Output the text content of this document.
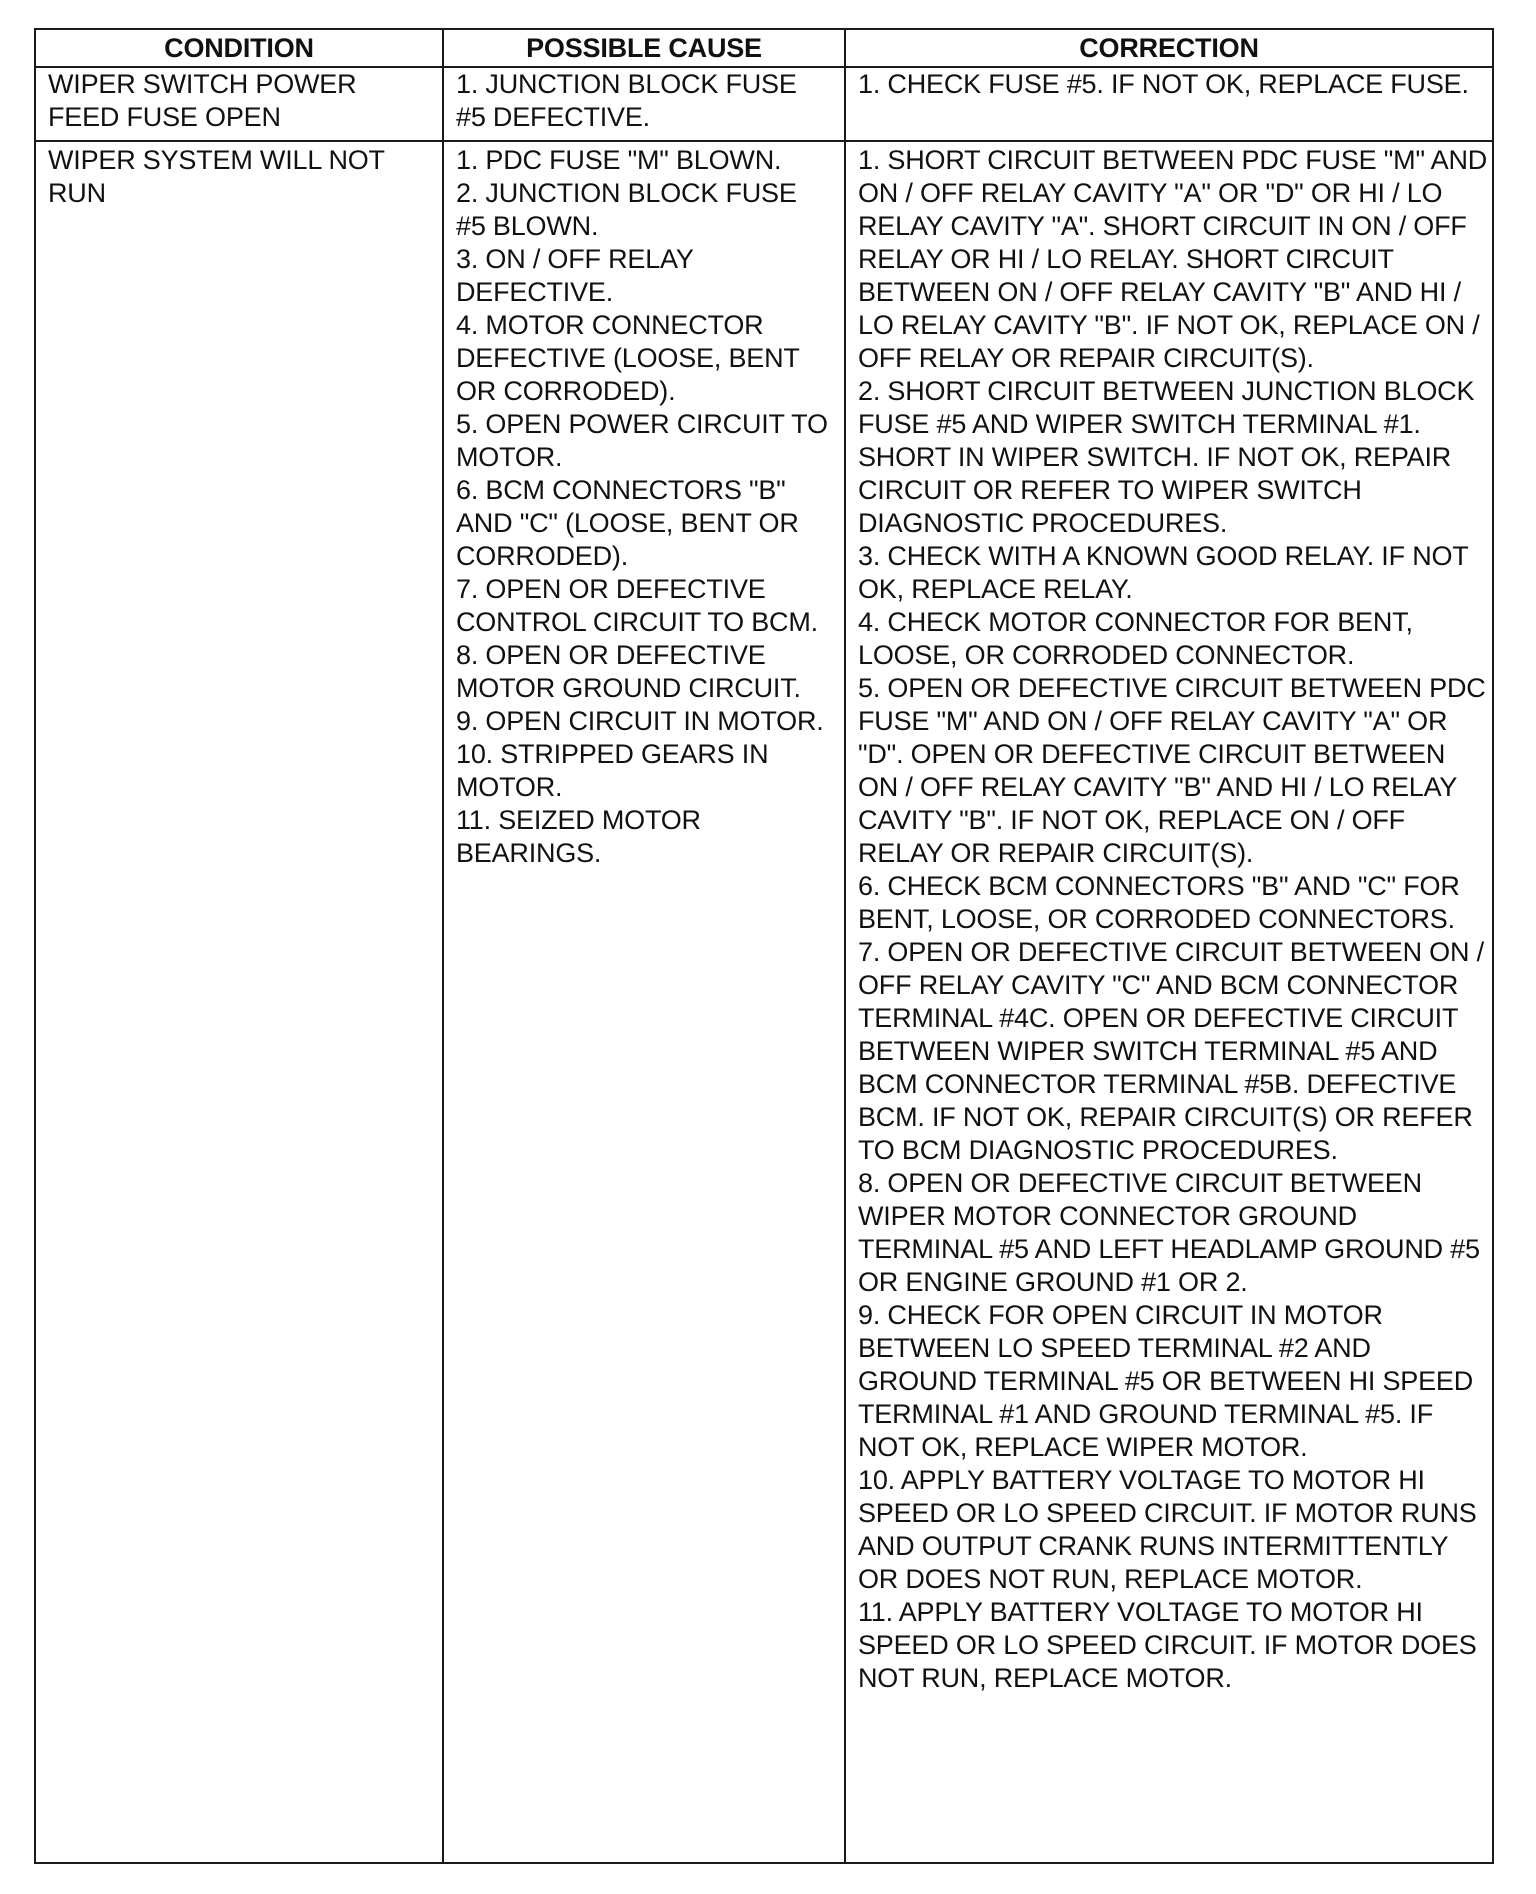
CONDITION	POSSIBLE CAUSE	CORRECTION
WIPER SWITCH POWER FEED FUSE OPEN
1. JUNCTION BLOCK FUSE #5 DEFECTIVE.
1. CHECK FUSE #5. IF NOT OK, REPLACE FUSE.
WIPER SYSTEM WILL NOT RUN
1. PDC FUSE "M" BLOWN.
2. JUNCTION BLOCK FUSE #5 BLOWN.
3. ON / OFF RELAY DEFECTIVE.
4. MOTOR CONNECTOR DEFECTIVE (LOOSE, BENT OR CORRODED).
5. OPEN POWER CIRCUIT TO MOTOR.
6. BCM CONNECTORS "B" AND "C" (LOOSE, BENT OR CORRODED).
7. OPEN OR DEFECTIVE CONTROL CIRCUIT TO BCM.
8. OPEN OR DEFECTIVE MOTOR GROUND CIRCUIT.
9. OPEN CIRCUIT IN MOTOR.
10. STRIPPED GEARS IN MOTOR.
11. SEIZED MOTOR BEARINGS.
1. SHORT CIRCUIT BETWEEN PDC FUSE "M" AND ON / OFF RELAY CAVITY "A" OR "D" OR HI / LO RELAY CAVITY "A". SHORT CIRCUIT IN ON / OFF RELAY OR HI / LO RELAY. SHORT CIRCUIT BETWEEN ON / OFF RELAY CAVITY "B" AND HI / LO RELAY CAVITY "B". IF NOT OK, REPLACE ON / OFF RELAY OR REPAIR CIRCUIT(S).
2. SHORT CIRCUIT BETWEEN JUNCTION BLOCK FUSE #5 AND WIPER SWITCH TERMINAL #1. SHORT IN WIPER SWITCH. IF NOT OK, REPAIR CIRCUIT OR REFER TO WIPER SWITCH DIAGNOSTIC PROCEDURES.
3. CHECK WITH A KNOWN GOOD RELAY. IF NOT OK, REPLACE RELAY.
4. CHECK MOTOR CONNECTOR FOR BENT, LOOSE, OR CORRODED CONNECTOR.
5. OPEN OR DEFECTIVE CIRCUIT BETWEEN PDC FUSE "M" AND ON / OFF RELAY CAVITY "A" OR "D". OPEN OR DEFECTIVE CIRCUIT BETWEEN ON / OFF RELAY CAVITY "B" AND HI / LO RELAY CAVITY "B". IF NOT OK, REPLACE ON / OFF RELAY OR REPAIR CIRCUIT(S).
6. CHECK BCM CONNECTORS "B" AND "C" FOR BENT, LOOSE, OR CORRODED CONNECTORS.
7. OPEN OR DEFECTIVE CIRCUIT BETWEEN ON / OFF RELAY CAVITY "C" AND BCM CONNECTOR TERMINAL #4C. OPEN OR DEFECTIVE CIRCUIT BETWEEN WIPER SWITCH TERMINAL #5 AND BCM CONNECTOR TERMINAL #5B. DEFECTIVE BCM. IF NOT OK, REPAIR CIRCUIT(S) OR REFER TO BCM DIAGNOSTIC PROCEDURES.
8. OPEN OR DEFECTIVE CIRCUIT BETWEEN WIPER MOTOR CONNECTOR GROUND TERMINAL #5 AND LEFT HEADLAMP GROUND #5 OR ENGINE GROUND #1 OR 2.
9. CHECK FOR OPEN CIRCUIT IN MOTOR BETWEEN LO SPEED TERMINAL #2 AND GROUND TERMINAL #5 OR BETWEEN HI SPEED TERMINAL #1 AND GROUND TERMINAL #5. IF NOT OK, REPLACE WIPER MOTOR.
10. APPLY BATTERY VOLTAGE TO MOTOR HI SPEED OR LO SPEED CIRCUIT. IF MOTOR RUNS AND OUTPUT CRANK RUNS INTERMITTENTLY OR DOES NOT RUN, REPLACE MOTOR.
11. APPLY BATTERY VOLTAGE TO MOTOR HI SPEED OR LO SPEED CIRCUIT. IF MOTOR DOES NOT RUN, REPLACE MOTOR.
